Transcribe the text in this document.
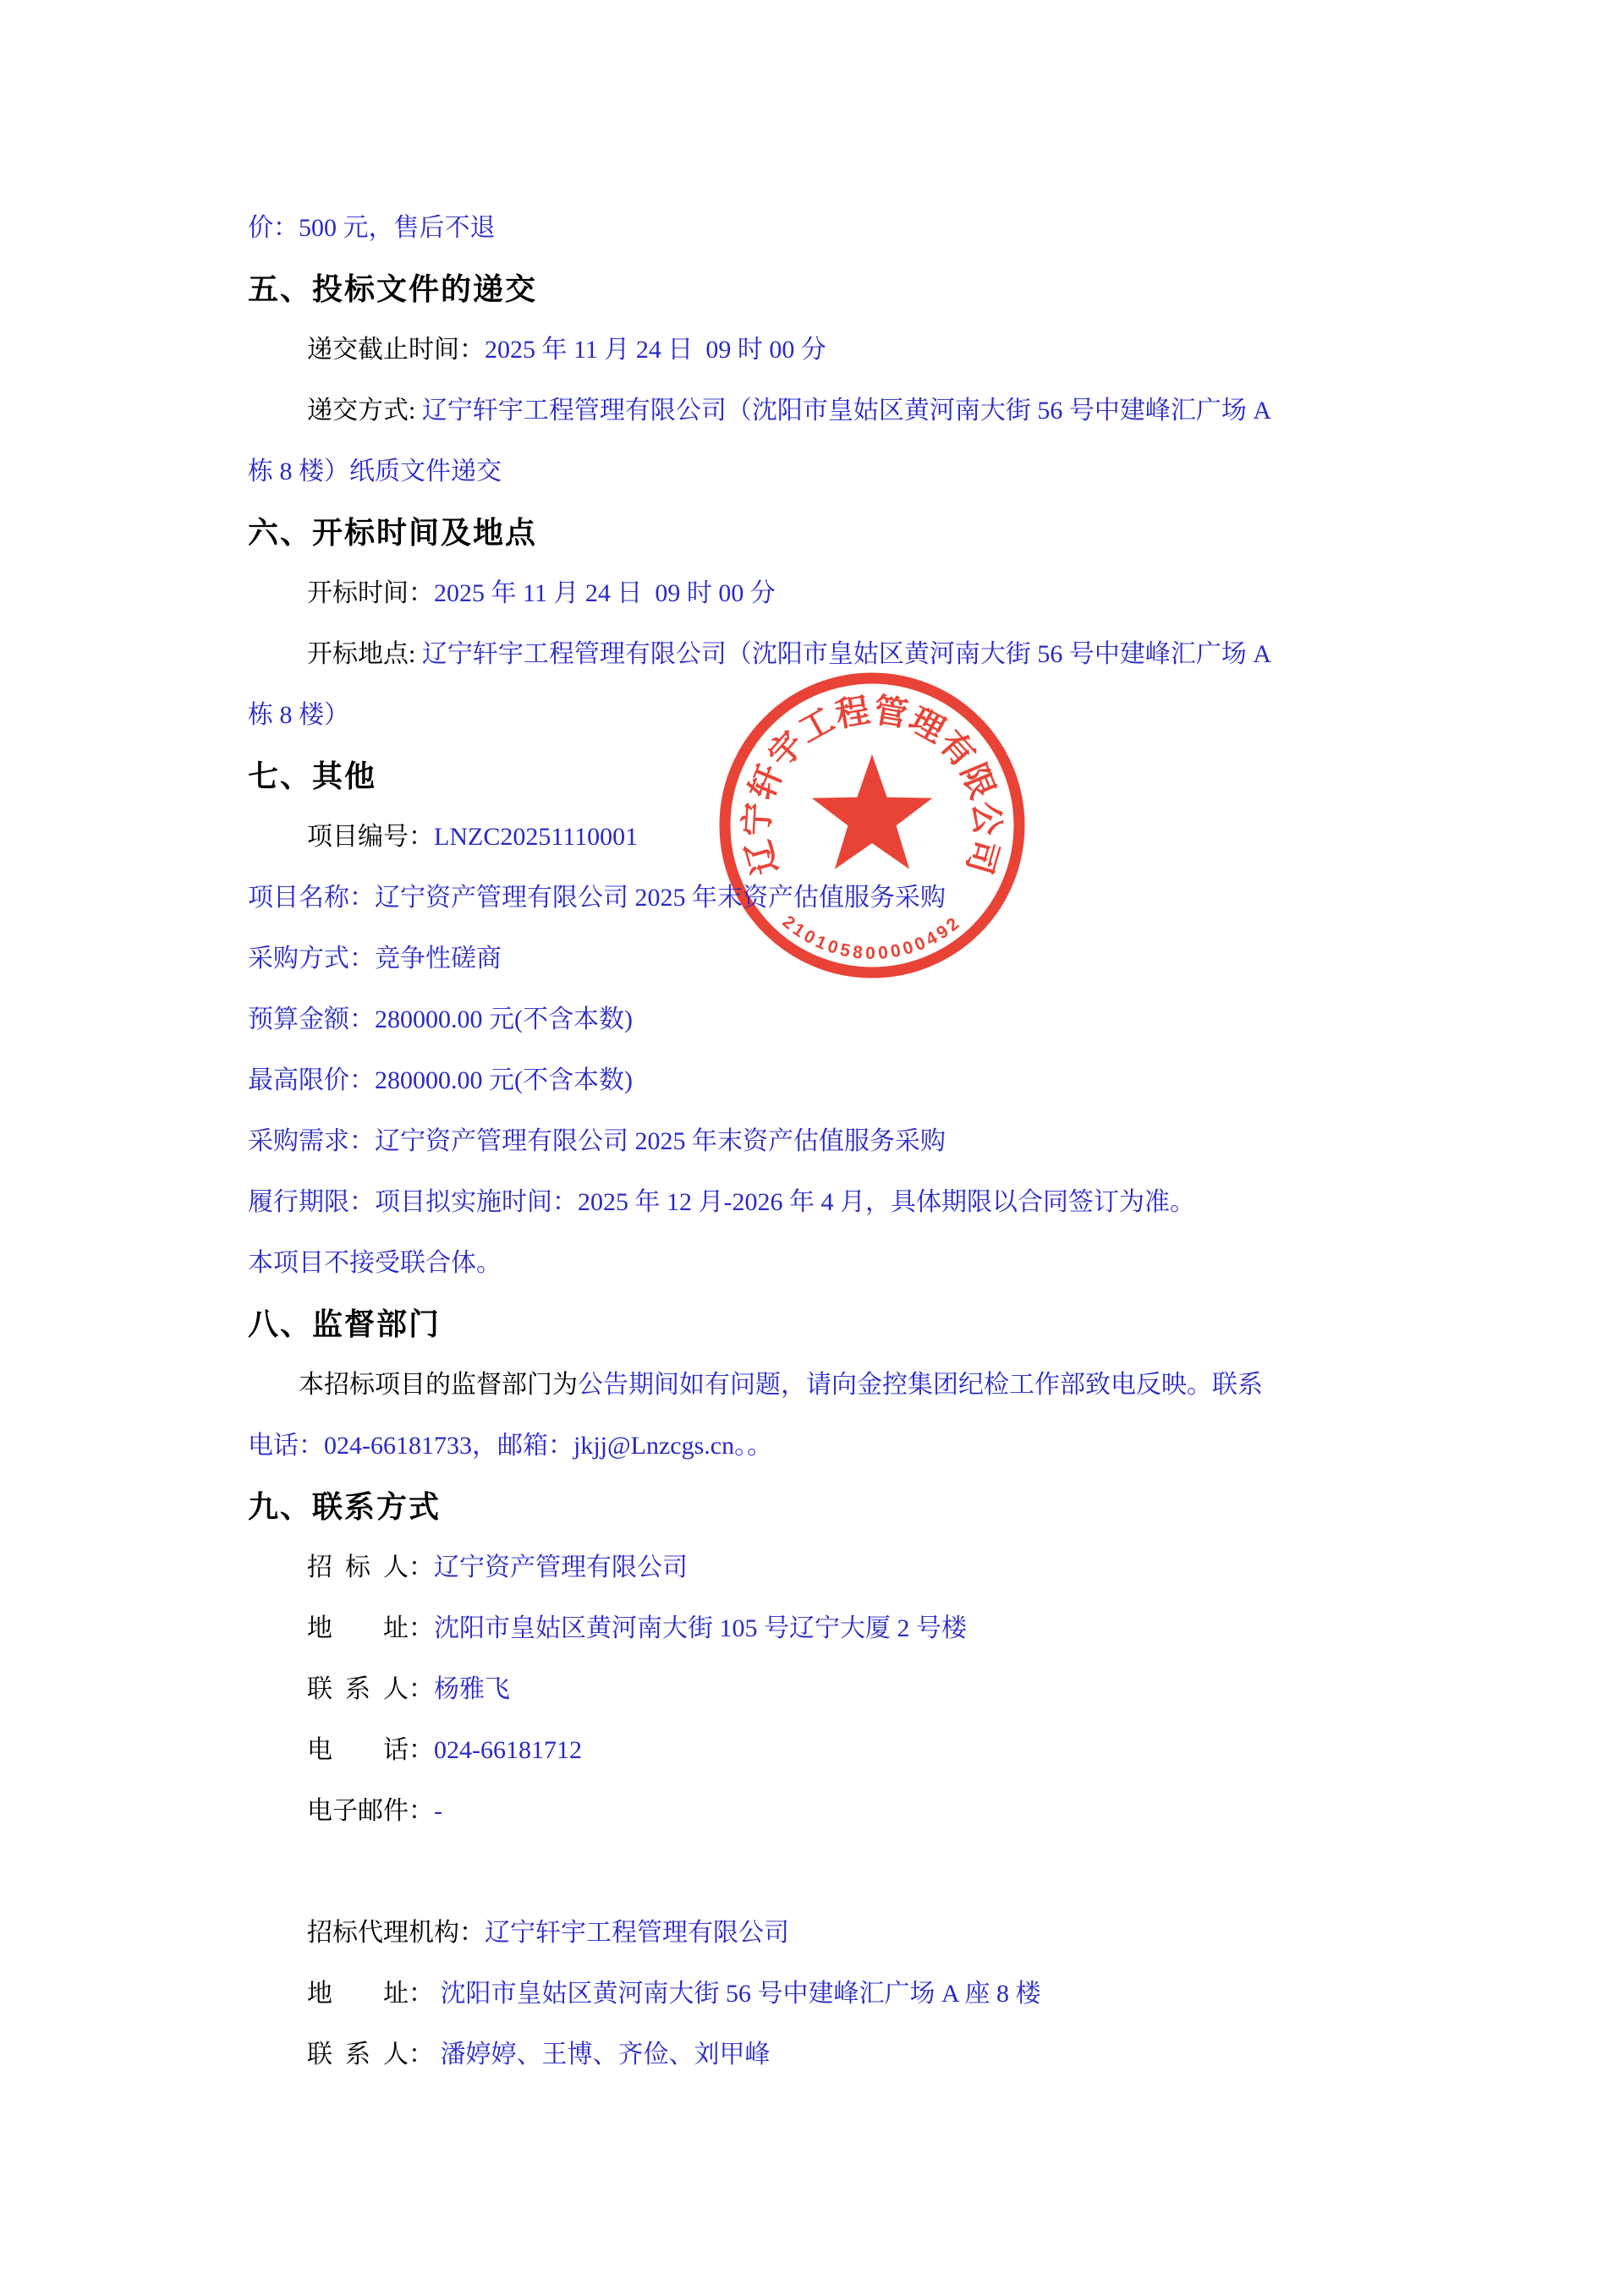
辽宁轩宇工程管理有限公司
210105800000492

价：500 元，售后不退

五、投标文件的递交

递交截止时间：2025 年 11 月 24 日  09 时 00 分

递交方式: 辽宁轩宇工程管理有限公司（沈阳市皇姑区黄河南大街 56 号中建峰汇广场 A

栋 8 楼）纸质文件递交

六、开标时间及地点

开标时间：2025 年 11 月 24 日  09 时 00 分

开标地点: 辽宁轩宇工程管理有限公司（沈阳市皇姑区黄河南大街 56 号中建峰汇广场 A

栋 8 楼）

七、其他

项目编号：LNZC20251110001

项目名称：辽宁资产管理有限公司 2025 年末资产估值服务采购

采购方式：竞争性磋商

预算金额：280000.00 元(不含本数)

最高限价：280000.00 元(不含本数)

采购需求：辽宁资产管理有限公司 2025 年末资产估值服务采购

履行期限：项目拟实施时间：2025 年 12 月-2026 年 4 月，具体期限以合同签订为准。

本项目不接受联合体。

八、监督部门

本招标项目的监督部门为公告期间如有问题，请向金控集团纪检工作部致电反映。联系

电话：024-66181733，邮箱：jkjj@Lnzcgs.cn。。

九、联系方式

招  标  人：辽宁资产管理有限公司

地　　址：沈阳市皇姑区黄河南大街 105 号辽宁大厦 2 号楼

联  系  人：杨雅飞

电　　话：024-66181712

电子邮件：-

招标代理机构：辽宁轩宇工程管理有限公司

地　　址： 沈阳市皇姑区黄河南大街 56 号中建峰汇广场 A 座 8 楼

联  系  人： 潘婷婷、王博、齐俭、刘甲峰
